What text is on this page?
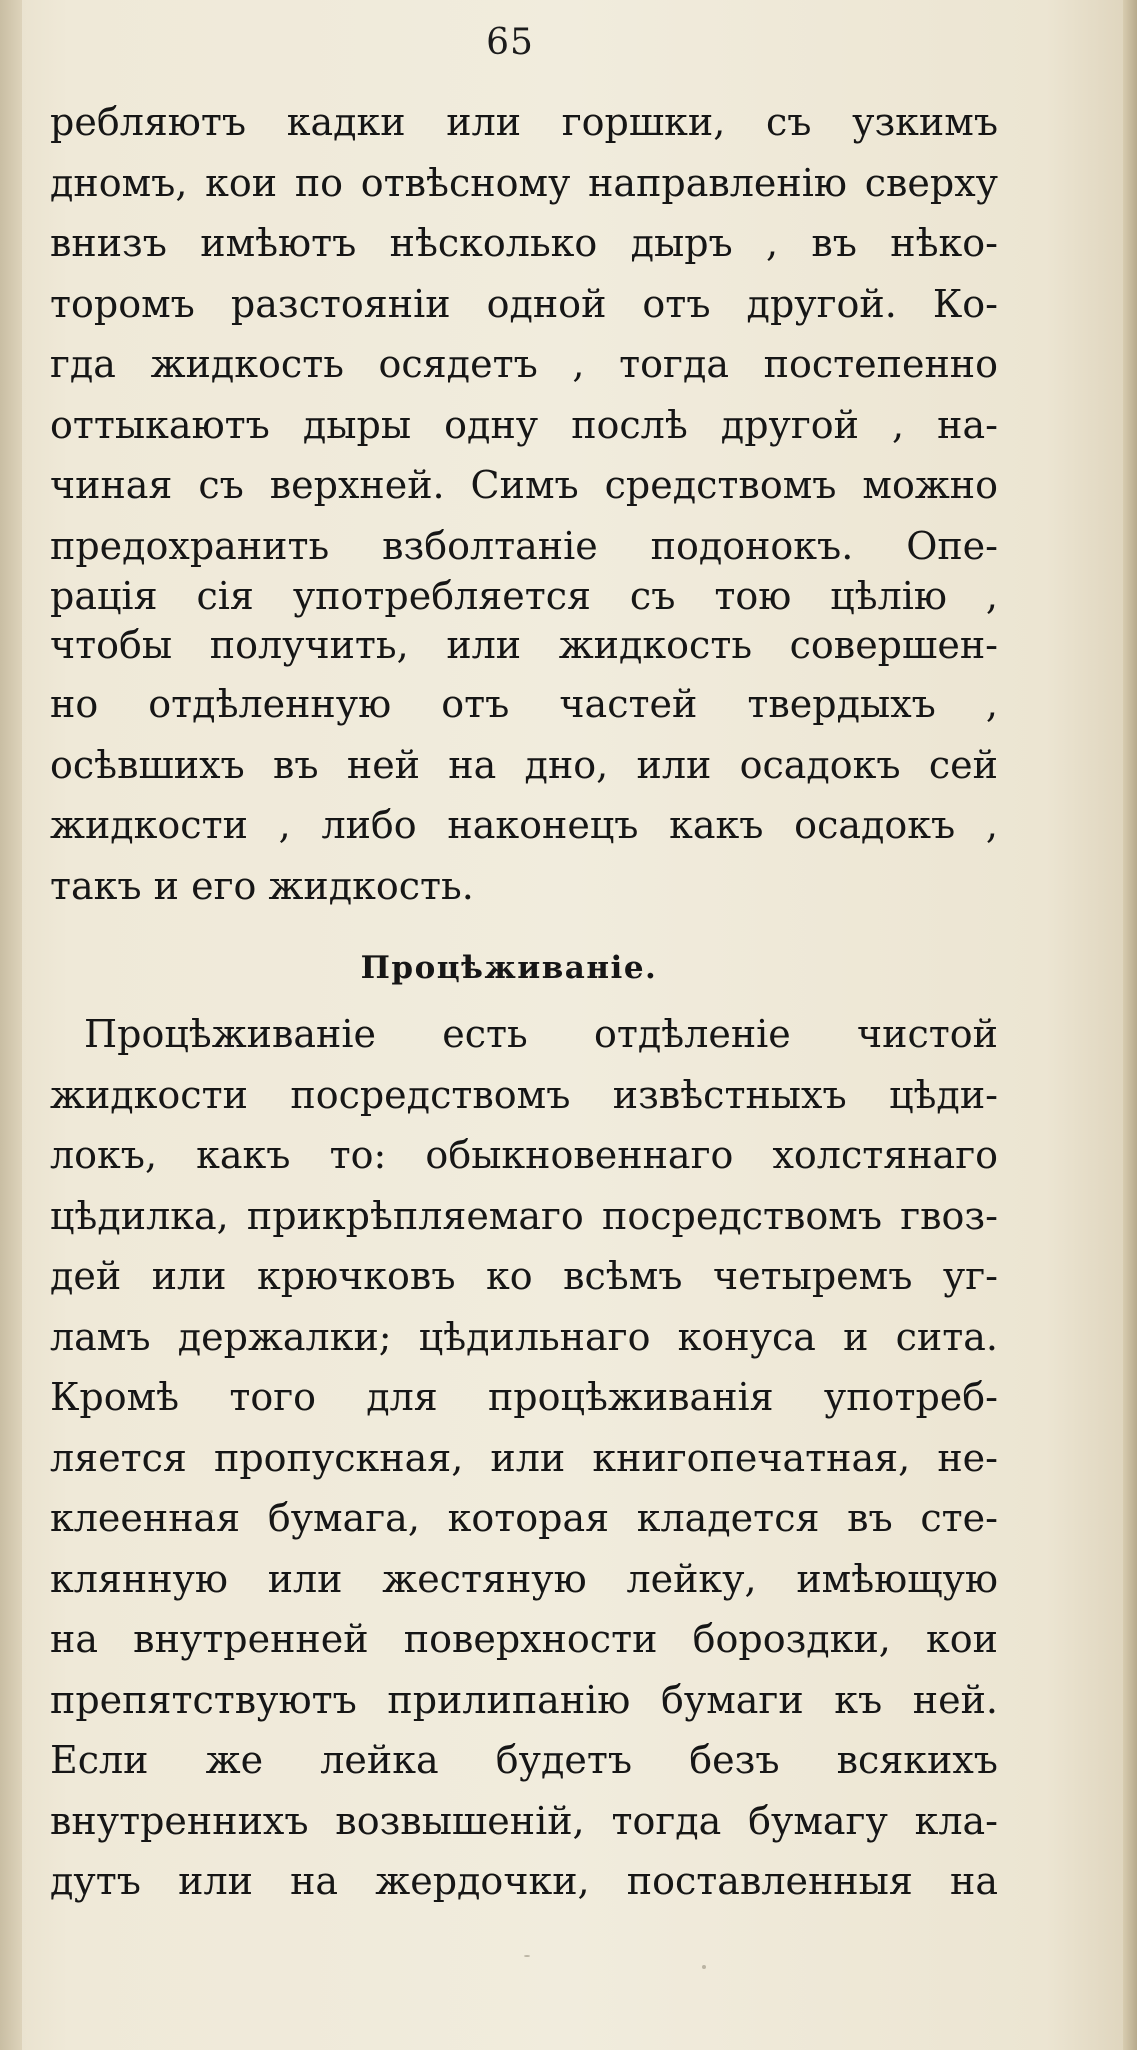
65

ребляютъ кадки или горшки, съ узкимъ
дномъ, кои по отвѣсному направленію сверху
внизъ имѣютъ нѣсколько дыръ , въ нѣко-
торомъ разстояніи одной отъ другой. Ко-
гда жидкость осядетъ , тогда постепенно
оттыкаютъ дыры одну послѣ другой , на-
чиная съ верхней. Симъ средствомъ можно
предохранить взболтаніе подонокъ. Опе-
рація сія употребляется съ тою цѣлію ,
чтобы получить, или жидкость совершен-
но отдѣленную отъ частей твердыхъ ,
осѣвшихъ въ ней на дно, или осадокъ сей
жидкости , либо наконецъ какъ осадокъ ,
такъ и его жидкость.

Процѣживаніе.

Процѣживаніе есть отдѣленіе чистой
жидкости посредствомъ извѣстныхъ цѣди-
локъ, какъ то: обыкновеннаго холстянаго
цѣдилка, прикрѣпляемаго посредствомъ гвоз-
дей или крючковъ ко всѣмъ четыремъ уг-
ламъ держалки; цѣдильнаго конуса и сита.
Кромѣ того для процѣживанія употреб-
ляется пропускная, или книгопечатная, не-
клеенная бумага, которая кладется въ сте-
клянную или жестяную лейку, имѣющую
на внутренней поверхности бороздки, кои
препятствуютъ прилипанію бумаги къ ней.
Если же лейка будетъ безъ всякихъ
внутреннихъ возвышеній, тогда бумагу кла-
дутъ или на жердочки, поставленныя на
